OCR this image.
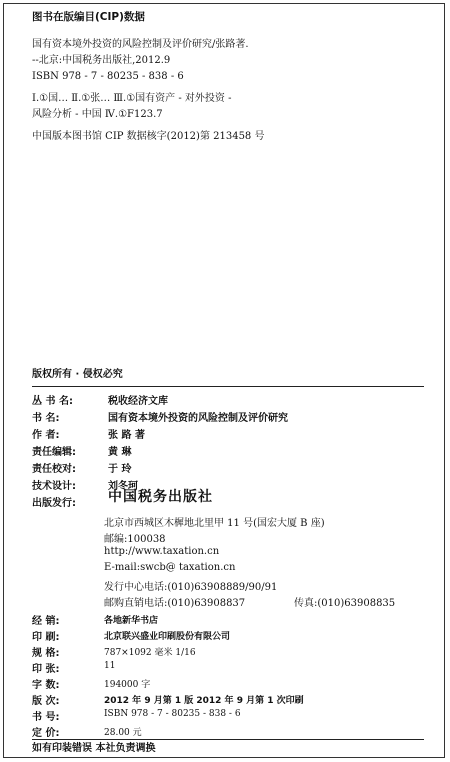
图书在版编目(CIP)数据
国有资本境外投资的风险控制及评价研究/张路著.
--北京:中国税务出版社,2012.9
ISBN 978 - 7 - 80235 - 838 - 6
Ⅰ.①国… Ⅱ.①张… Ⅲ.①国有资产 - 对外投资 -
风险分析 - 中国 Ⅳ.①F123.7
中国版本图书馆 CIP 数据核字(2012)第 213458 号
版权所有 · 侵权必究
丛 书 名:	税收经济文库
书 名:	国有资本境外投资的风险控制及评价研究
作 者:	张 路 著
责任编辑:	黄 琳
责任校对:	于 玲
技术设计:	刘冬珂
出版发行: 中国税务出版社
北京市西城区木樨地北里甲 11 号(国宏大厦 B 座)
邮编:100038
http://www.taxation.cn
E-mail:swcb@ taxation.cn
发行中心电话:(010)63908889/90/91
邮购直销电话:(010)63908837	传真:(010)63908835
经 销:	各地新华书店
印 刷:	北京联兴盛业印刷股份有限公司
规 格:	787×1092 毫米 1/16
印 张:	11
字 数:	194000 字
版 次:	2012 年 9 月第 1 版 2012 年 9 月第 1 次印刷
书 号:	ISBN 978 - 7 - 80235 - 838 - 6
定 价:	28.00 元
如有印装错误 本社负责调换
